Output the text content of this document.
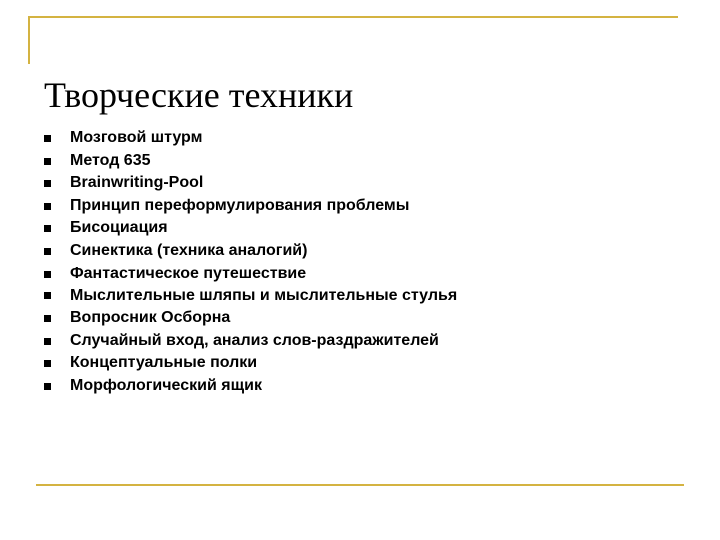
Творческие техники
Мозговой штурм
Метод 635
Brainwriting-Pool
Принцип переформулирования проблемы
Бисоциация
Синектика (техника аналогий)
Фантастическое путешествие
Мыслительные шляпы и мыслительные стулья
Вопросник Осборна
Случайный вход, анализ слов-раздражителей
Концептуальные полки
Морфологический ящик
